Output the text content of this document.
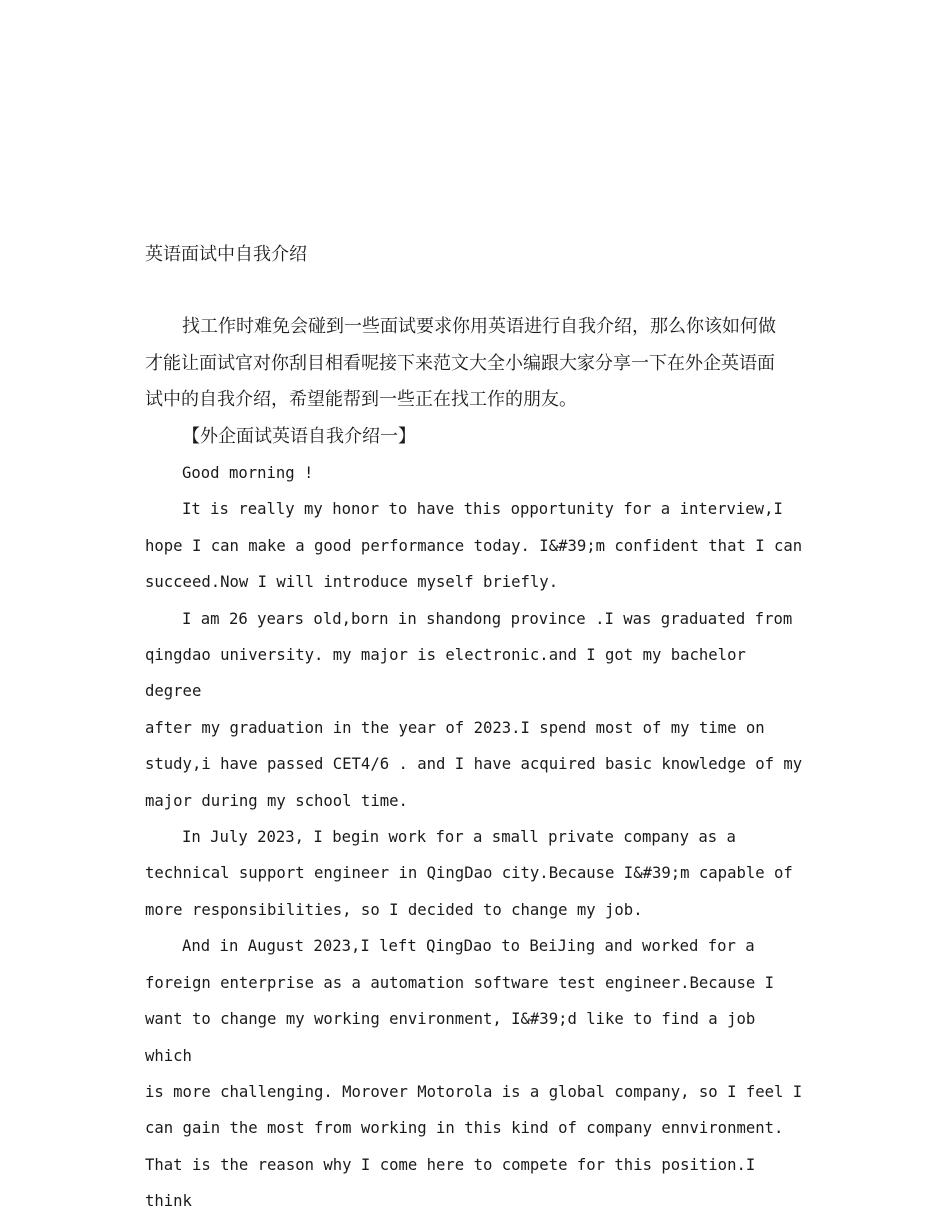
英语面试中自我介绍

找工作时难免会碰到一些面试要求你用英语进行自我介绍，那么你该如何做
才能让面试官对你刮目相看呢接下来范文大全小编跟大家分享一下在外企英语面
试中的自我介绍，希望能帮到一些正在找工作的朋友。

【外企面试英语自我介绍一】

Good morning !

It is really my honor to have this opportunity for a interview,I
hope I can make a good performance today. I&#39;m confident that I can
succeed.Now I will introduce myself briefly.

I am 26 years old,born in shandong province .I was graduated from
qingdao university. my major is electronic.and I got my bachelor degree
after my graduation in the year of 2023.I spend most of my time on
study,i have passed CET4/6 . and I have acquired basic knowledge of my
major during my school time.

In July 2023, I begin work for a small private company as a
technical support engineer in QingDao city.Because I&#39;m capable of
more responsibilities, so I decided to change my job.

And in August 2023,I left QingDao to BeiJing and worked for a
foreign enterprise as a automation software test engineer.Because I
want to change my working environment, I&#39;d like to find a job which
is more challenging. Morover Motorola is a global company, so I feel I
can gain the most from working in this kind of company ennvironment.
That is the reason why I come here to compete for this position.I think
